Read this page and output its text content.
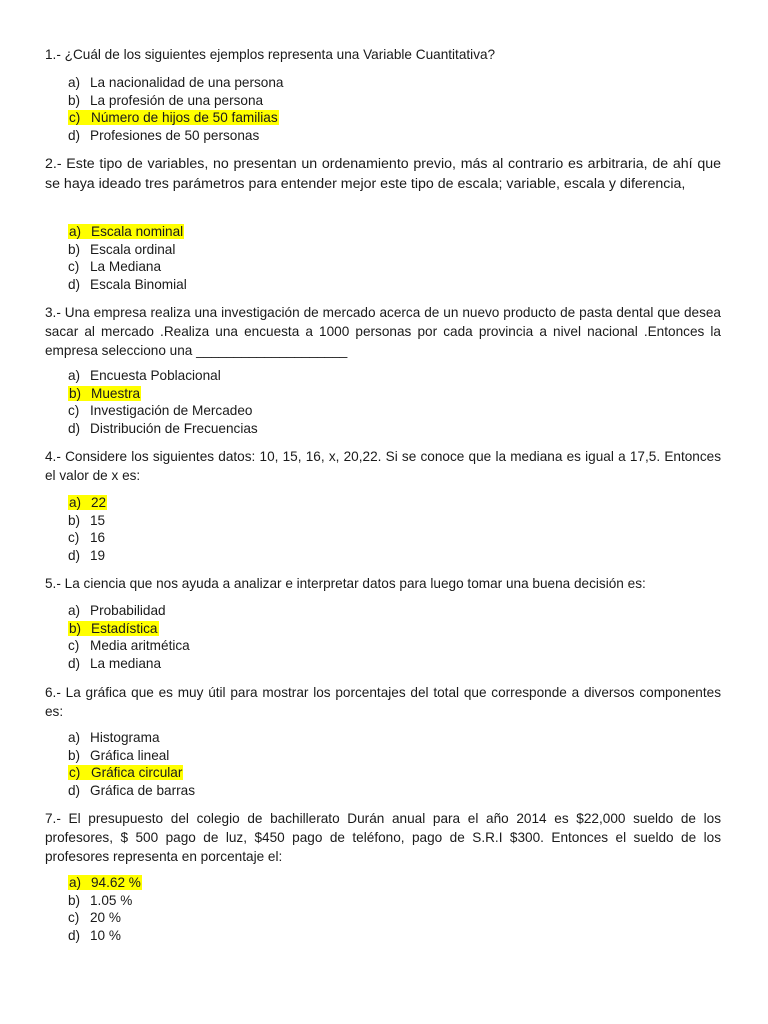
1.- ¿Cuál de los siguientes ejemplos representa una Variable Cuantitativa?
a) La nacionalidad de una persona
b) La profesión de una persona
c) Número de hijos de 50 familias
d) Profesiones de 50 personas
2.- Este tipo de variables, no presentan un ordenamiento previo, más al contrario es arbitraria, de ahí que se haya ideado tres parámetros para entender mejor este tipo de escala; variable, escala y diferencia,
a) Escala nominal
b) Escala ordinal
c) La Mediana
d) Escala Binomial
3.- Una empresa realiza una investigación de mercado acerca de un nuevo producto de pasta dental que desea sacar al mercado .Realiza una encuesta a 1000 personas por cada provincia a nivel nacional .Entonces la empresa selecciono una ____________________
a) Encuesta Poblacional
b) Muestra
c) Investigación de Mercadeo
d) Distribución de Frecuencias
4.- Considere los siguientes datos: 10, 15, 16, x, 20,22. Si se conoce que la mediana es igual a 17,5. Entonces el valor de x es:
a) 22
b) 15
c) 16
d) 19
5.- La ciencia que nos ayuda a analizar e interpretar datos para luego tomar una buena decisión es:
a) Probabilidad
b) Estadística
c) Media aritmética
d) La mediana
6.- La gráfica que es muy útil para mostrar los porcentajes del total que corresponde a diversos componentes es:
a) Histograma
b) Gráfica lineal
c) Gráfica circular
d) Gráfica de barras
7.- El presupuesto del colegio de bachillerato Durán anual para el año 2014 es $22,000 sueldo de los profesores, $ 500 pago de luz, $450 pago de teléfono, pago de S.R.I $300. Entonces el sueldo de los profesores representa en porcentaje el:
a) 94.62 %
b) 1.05 %
c) 20 %
d) 10 %
